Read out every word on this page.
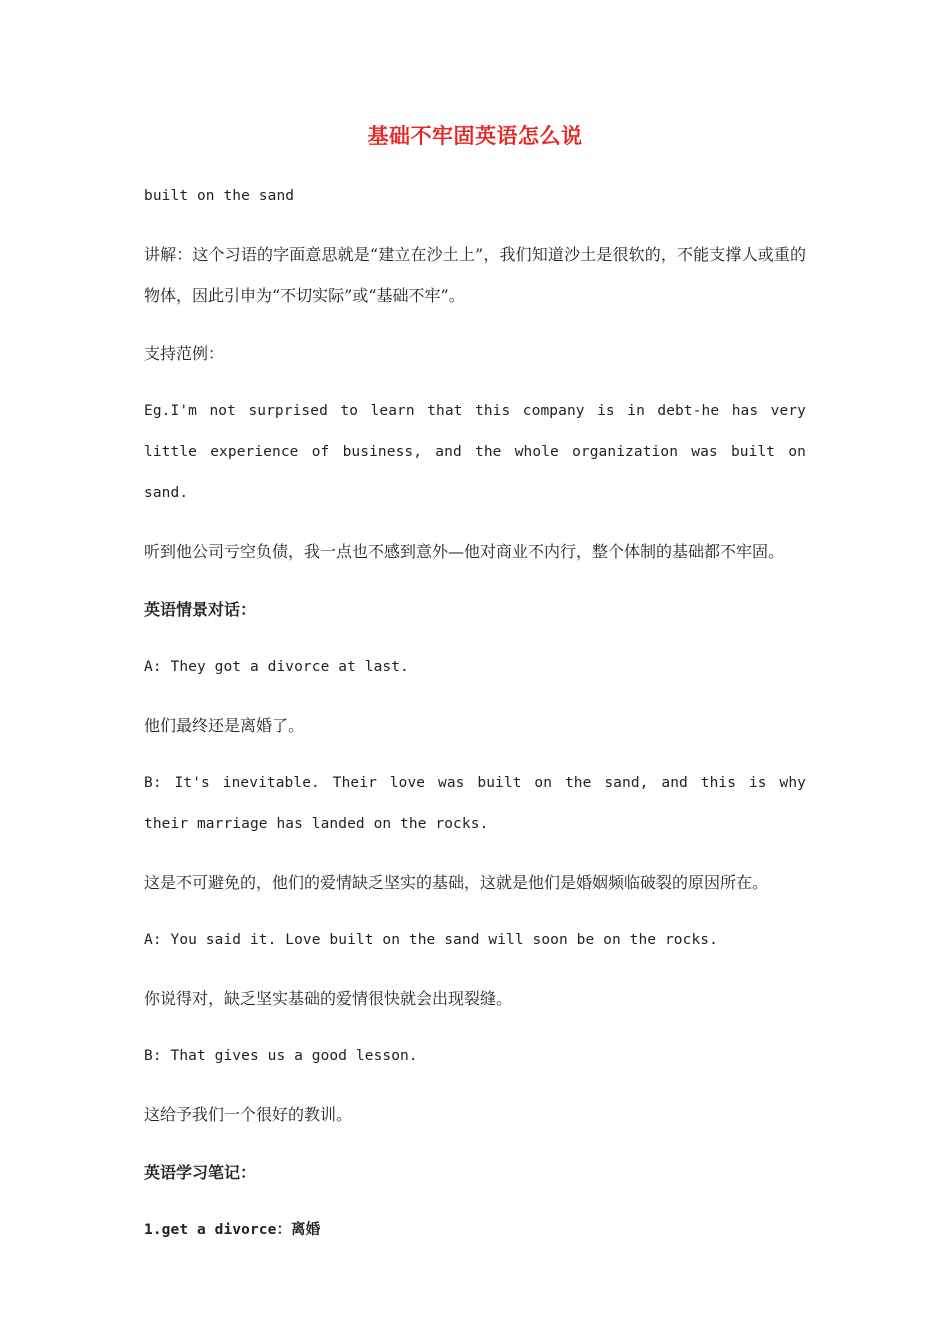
基础不牢固英语怎么说

built on the sand

讲解：这个习语的字面意思就是“建立在沙土上”，我们知道沙土是很软的，不能支撑人或重的物体，因此引申为“不切实际”或“基础不牢”。

支持范例：

Eg.I'm not surprised to learn that this company is in debt-he has very little experience of business, and the whole organization was built on sand.

听到他公司亏空负债，我一点也不感到意外—他对商业不内行，整个体制的基础都不牢固。

英语情景对话：

A: They got a divorce at last.

他们最终还是离婚了。

B: It's inevitable. Their love was built on the sand, and this is why their marriage has landed on the rocks.

这是不可避免的，他们的爱情缺乏坚实的基础，这就是他们是婚姻频临破裂的原因所在。

A: You said it. Love built on the sand will soon be on the rocks.

你说得对，缺乏坚实基础的爱情很快就会出现裂缝。

B: That gives us a good lesson.

这给予我们一个很好的教训。

英语学习笔记：

1.get a divorce：离婚
